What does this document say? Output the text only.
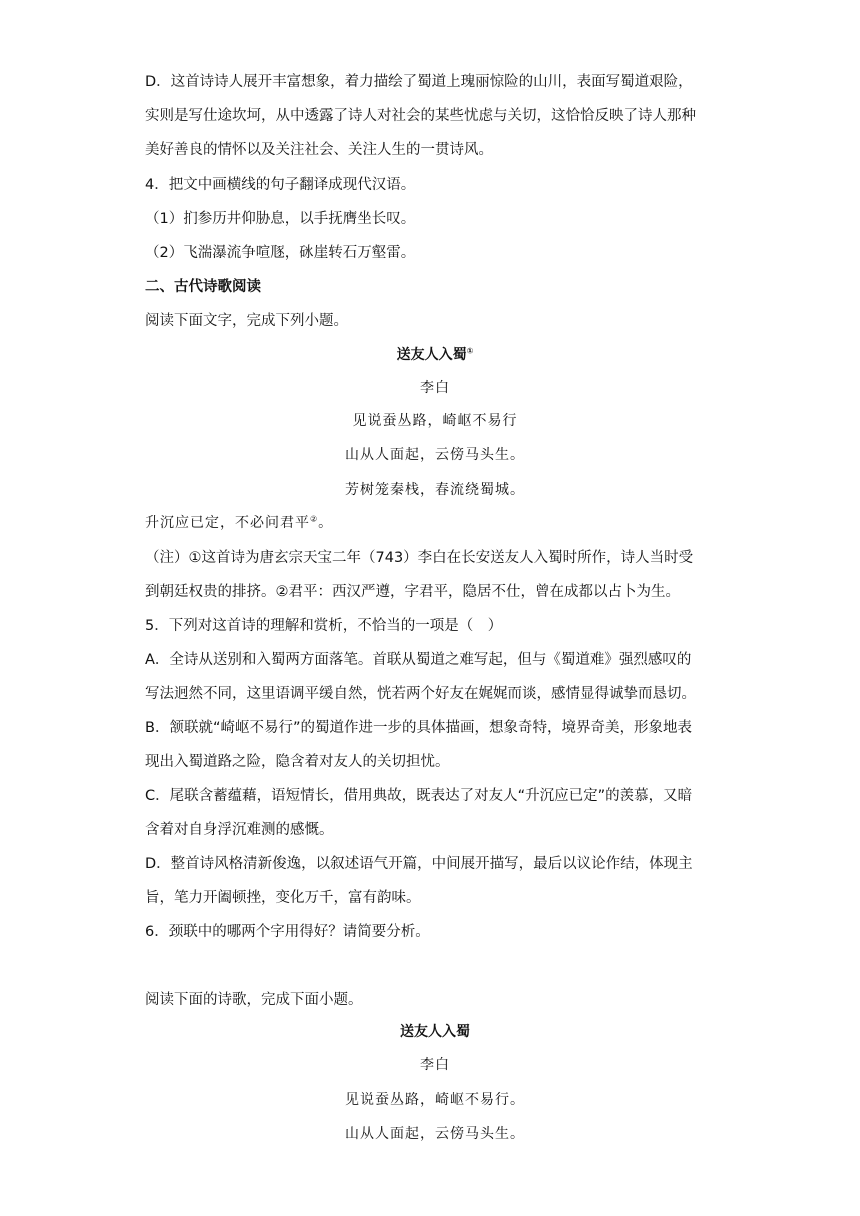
D．这首诗诗人展开丰富想象，着力描绘了蜀道上瑰丽惊险的山川，表面写蜀道艰险，
实则是写仕途坎坷，从中透露了诗人对社会的某些忧虑与关切，这恰恰反映了诗人那种
美好善良的情怀以及关注社会、关注人生的一贯诗风。
4．把文中画横线的句子翻译成现代汉语。
（1）扪参历井仰胁息，以手抚膺坐长叹。
（2）飞湍瀑流争喧豗，砯崖转石万壑雷。
二、古代诗歌阅读
阅读下面文字，完成下列小题。
送友人入蜀①
李白
见说蚕丛路，崎岖不易行
山从人面起，云傍马头生。
芳树笼秦栈，春流绕蜀城。
升沉应已定，不必问君平②。
（注）①这首诗为唐玄宗天宝二年（743）李白在长安送友人入蜀时所作，诗人当时受
到朝廷权贵的排挤。②君平：西汉严遵，字君平，隐居不仕，曾在成都以占卜为生。
5．下列对这首诗的理解和赏析，不恰当的一项是（　）
A．全诗从送别和入蜀两方面落笔。首联从蜀道之难写起，但与《蜀道难》强烈感叹的
写法迥然不同，这里语调平缓自然，恍若两个好友在娓娓而谈，感情显得诚挚而恳切。
B．颔联就“崎岖不易行”的蜀道作进一步的具体描画，想象奇特，境界奇美，形象地表
现出入蜀道路之险，隐含着对友人的关切担忧。
C．尾联含蓄蕴藉，语短情长，借用典故，既表达了对友人“升沉应已定”的羡慕，又暗
含着对自身浮沉难测的感慨。
D．整首诗风格清新俊逸，以叙述语气开篇，中间展开描写，最后以议论作结，体现主
旨，笔力开阖顿挫，变化万千，富有韵味。
6．颈联中的哪两个字用得好？请简要分析。
阅读下面的诗歌，完成下面小题。
送友人入蜀
李白
见说蚕丛路，崎岖不易行。
山从人面起，云傍马头生。
